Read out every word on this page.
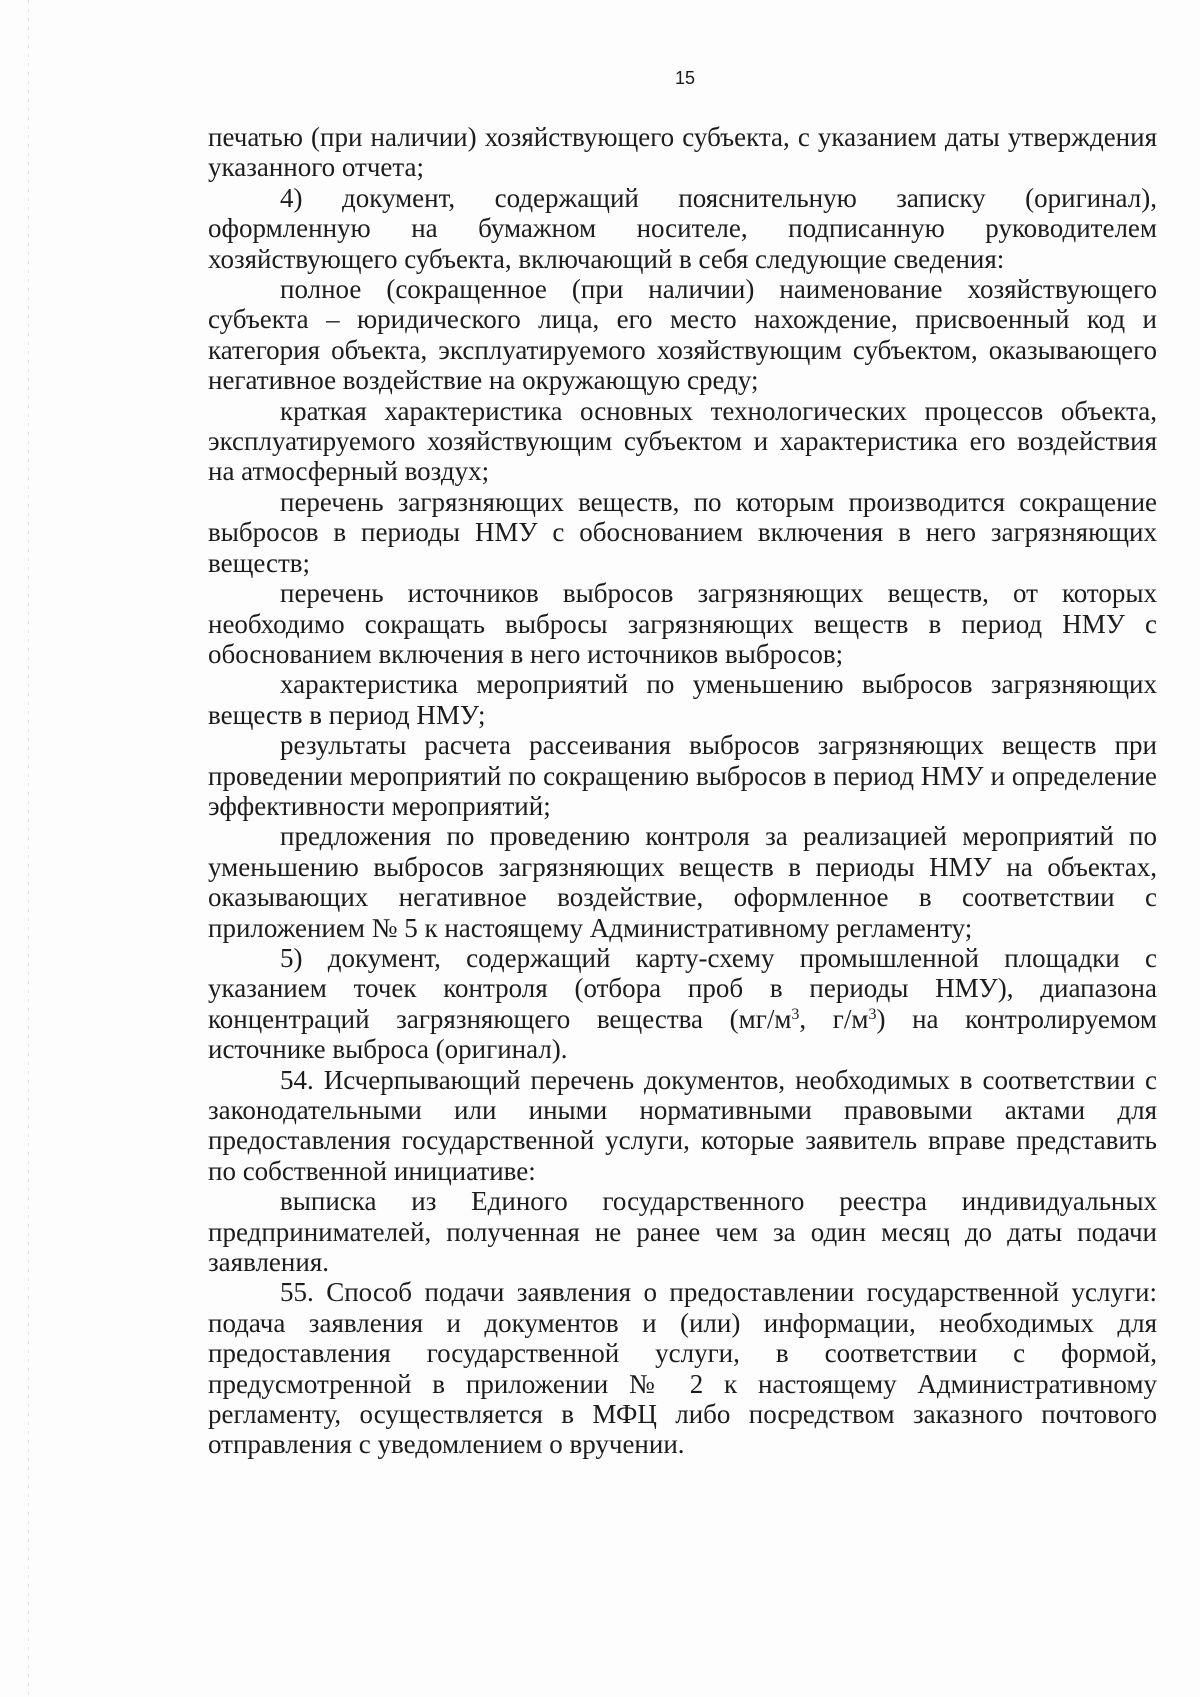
15

печатью (при наличии) хозяйствующего субъекта, с указанием даты утверждения указанного отчета;

4) документ, содержащий пояснительную записку (оригинал), оформленную на бумажном носителе, подписанную руководителем хозяйствующего субъекта, включающий в себя следующие сведения:

полное (сокращенное (при наличии) наименование хозяйствующего субъекта – юридического лица, его место нахождение, присвоенный код и категория объекта, эксплуатируемого хозяйствующим субъектом, оказывающего негативное воздействие на окружающую среду;

краткая характеристика основных технологических процессов объекта, эксплуатируемого хозяйствующим субъектом и характеристика его воздействия на атмосферный воздух;

перечень загрязняющих веществ, по которым производится сокращение выбросов в периоды НМУ с обоснованием включения в него загрязняющих веществ;

перечень источников выбросов загрязняющих веществ, от которых необходимо сокращать выбросы загрязняющих веществ в период НМУ с обоснованием включения в него источников выбросов;

характеристика мероприятий по уменьшению выбросов загрязняющих веществ в период НМУ;

результаты расчета рассеивания выбросов загрязняющих веществ при проведении мероприятий по сокращению выбросов в период НМУ и определение эффективности мероприятий;

предложения по проведению контроля за реализацией мероприятий по уменьшению выбросов загрязняющих веществ в периоды НМУ на объектах, оказывающих негативное воздействие, оформленное в соответствии с приложением № 5 к настоящему Административному регламенту;

5) документ, содержащий карту-схему промышленной площадки с указанием точек контроля (отбора проб в периоды НМУ), диапазона концентраций загрязняющего вещества ($мг/м^3$, $г/м^3$) на контролируемом источнике выброса (оригинал).

54. Исчерпывающий перечень документов, необходимых в соответствии с законодательными или иными нормативными правовыми актами для предоставления государственной услуги, которые заявитель вправе представить по собственной инициативе:

выписка из Единого государственного реестра индивидуальных предпринимателей, полученная не ранее чем за один месяц до даты подачи заявления.

55. Способ подачи заявления о предоставлении государственной услуги: подача заявления и документов и (или) информации, необходимых для предоставления государственной услуги, в соответствии с формой, предусмотренной в приложении № 2 к настоящему Административному регламенту, осуществляется в МФЦ либо посредством заказного почтового отправления с уведомлением о вручении.
